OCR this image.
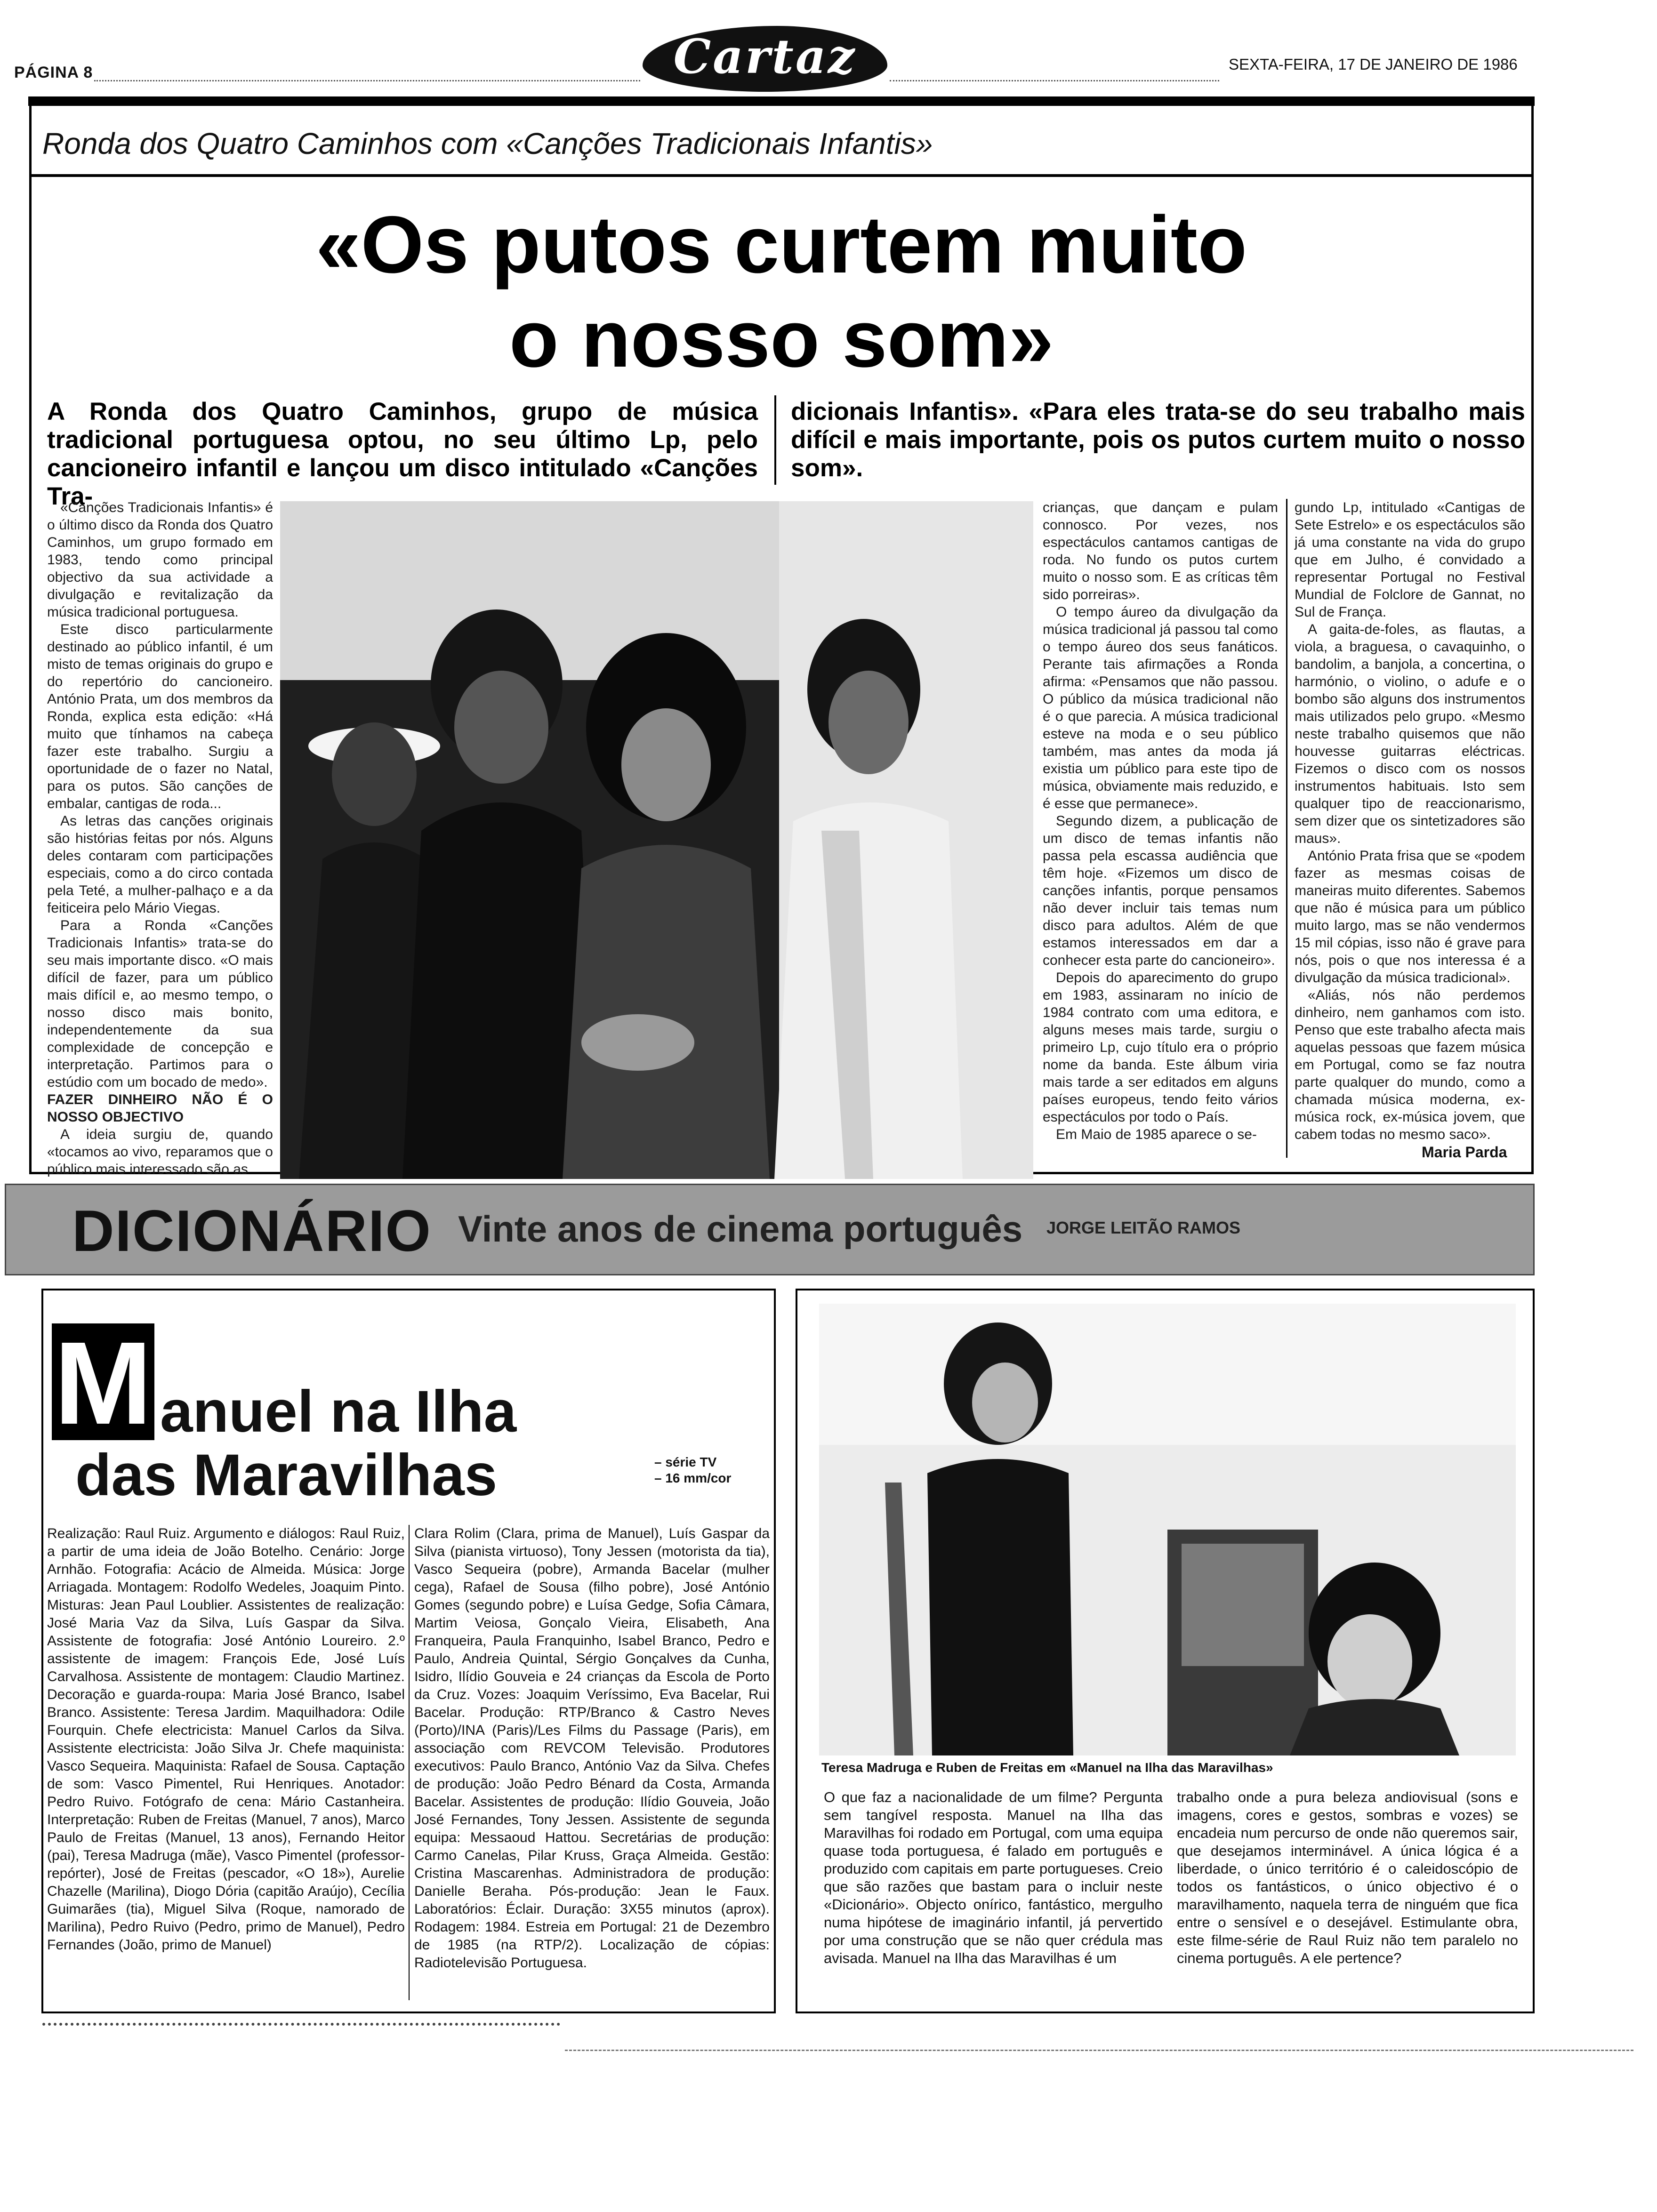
PÁGINA 8	Cartaz	SEXTA-FEIRA, 17 DE JANEIRO DE 1986
Ronda dos Quatro Caminhos com «Canções Tradicionais Infantis»
«Os putos curtem muito
o nosso som»
A Ronda dos Quatro Caminhos, grupo de música tradicional portuguesa optou, no seu último Lp, pelo cancioneiro infantil e lançou um disco intitulado «Canções Tra-
dicionais Infantis». «Para eles trata-se do seu trabalho mais difícil e mais importante, pois os putos curtem muito o nosso som».

«Canções Tradicionais Infantis» é o último disco da Ronda dos Quatro Caminhos, um grupo formado em 1983, tendo como principal objectivo da sua actividade a divulgação e revitalização da música tradicional portuguesa.

Este disco particularmente destinado ao público infantil, é um misto de temas originais do grupo e do repertório do cancioneiro. António Prata, um dos membros da Ronda, explica esta edição: «Há muito que tínhamos na cabeça fazer este trabalho. Surgiu a oportunidade de o fazer no Natal, para os putos. São canções de embalar, cantigas de roda...

As letras das canções originais são histórias feitas por nós. Alguns deles contaram com participações especiais, como a do circo contada pela Teté, a mulher-palhaço e a da feiticeira pelo Mário Viegas.

Para a Ronda «Canções Tradicionais Infantis» trata-se do seu mais importante disco. «O mais difícil de fazer, para um público mais difícil e, ao mesmo tempo, o nosso disco mais bonito, independentemente da sua complexidade de concepção e interpretação. Partimos para o estúdio com um bocado de medo».

FAZER DINHEIRO NÃO É O NOSSO OBJECTIVO

A ideia surgiu de, quando «tocamos ao vivo, reparamos que o público mais interessado são as

crianças, que dançam e pulam connosco. Por vezes, nos espectáculos cantamos cantigas de roda. No fundo os putos curtem muito o nosso som. E as críticas têm sido porreiras».

O tempo áureo da divulgação da música tradicional já passou tal como o tempo áureo dos seus fanáticos. Perante tais afirmações a Ronda afirma: «Pensamos que não passou. O público da música tradicional não é o que parecia. A música tradicional esteve na moda e o seu público também, mas antes da moda já existia um público para este tipo de música, obviamente mais reduzido, e é esse que permanece».

Segundo dizem, a publicação de um disco de temas infantis não passa pela escassa audiência que têm hoje. «Fizemos um disco de canções infantis, porque pensamos não dever incluir tais temas num disco para adultos. Além de que estamos interessados em dar a conhecer esta parte do cancioneiro».

Depois do aparecimento do grupo em 1983, assinaram no início de 1984 contrato com uma editora, e alguns meses mais tarde, surgiu o primeiro Lp, cujo título era o próprio nome da banda. Este álbum viria mais tarde a ser editados em alguns países europeus, tendo feito vários espectáculos por todo o País.

Em Maio de 1985 aparece o se-

gundo Lp, intitulado «Cantigas de Sete Estrelo» e os espectáculos são já uma constante na vida do grupo que em Julho, é convidado a representar Portugal no Festival Mundial de Folclore de Gannat, no Sul de França.

A gaita-de-foles, as flautas, a viola, a braguesa, o cavaquinho, o bandolim, a banjola, a concertina, o harmónio, o violino, o adufe e o bombo são alguns dos instrumentos mais utilizados pelo grupo. «Mesmo neste trabalho quisemos que não houvesse guitarras eléctricas. Fizemos o disco com os nossos instrumentos habituais. Isto sem qualquer tipo de reaccionarismo, sem dizer que os sintetizadores são maus».

António Prata frisa que se «podem fazer as mesmas coisas de maneiras muito diferentes. Sabemos que não é música para um público muito largo, mas se não vendermos 15 mil cópias, isso não é grave para nós, pois o que nos interessa é a divulgação da música tradicional».

«Aliás, nós não perdemos dinheiro, nem ganhamos com isto. Penso que este trabalho afecta mais aquelas pessoas que fazem música em Portugal, como se faz noutra parte qualquer do mundo, como a chamada música moderna, ex-música rock, ex-música jovem, que cabem todas no mesmo saco».

Maria Parda
DICIONÁRIO Vinte anos de cinema português JORGE LEITÃO RAMOS
M anuel na Ilha
das Maravilhas	– série TV
– 16 mm/cor
Realização: Raul Ruiz. Argumento e diálogos: Raul Ruiz, a partir de uma ideia de João Botelho. Cenário: Jorge Arnhão. Fotografia: Acácio de Almeida. Música: Jorge Arriagada. Montagem: Rodolfo Wedeles, Joaquim Pinto. Misturas: Jean Paul Loublier. Assistentes de realização: José Maria Vaz da Silva, Luís Gaspar da Silva. Assistente de fotografia: José António Loureiro. 2.º assistente de imagem: François Ede, José Luís Carvalhosa. Assistente de montagem: Claudio Martinez. Decoração e guarda-roupa: Maria José Branco, Isabel Branco. Assistente: Teresa Jardim. Maquilhadora: Odile Fourquin. Chefe electricista: Manuel Carlos da Silva. Assistente electricista: João Silva Jr. Chefe maquinista: Vasco Sequeira. Maquinista: Rafael de Sousa. Captação de som: Vasco Pimentel, Rui Henriques. Anotador: Pedro Ruivo. Fotógrafo de cena: Mário Castanheira. Interpretação: Ruben de Freitas (Manuel, 7 anos), Marco Paulo de Freitas (Manuel, 13 anos), Fernando Heitor (pai), Teresa Madruga (mãe), Vasco Pimentel (professor-repórter), José de Freitas (pescador, «O 18»), Aurelie Chazelle (Marilina), Diogo Dória (capitão Araújo), Cecília Guimarães (tia), Miguel Silva (Roque, namorado de Marilina), Pedro Ruivo (Pedro, primo de Manuel), Pedro Fernandes (João, primo de Manuel)
Clara Rolim (Clara, prima de Manuel), Luís Gaspar da Silva (pianista virtuoso), Tony Jessen (motorista da tia), Vasco Sequeira (pobre), Armanda Bacelar (mulher cega), Rafael de Sousa (filho pobre), José António Gomes (segundo pobre) e Luísa Gedge, Sofia Câmara, Martim Veiosa, Gonçalo Vieira, Elisabeth, Ana Franqueira, Paula Franquinho, Isabel Branco, Pedro e Paulo, Andreia Quintal, Sérgio Gonçalves da Cunha, Isidro, Ilídio Gouveia e 24 crianças da Escola de Porto da Cruz. Vozes: Joaquim Veríssimo, Eva Bacelar, Rui Bacelar. Produção: RTP/Branco & Castro Neves (Porto)/INA (Paris)/Les Films du Passage (Paris), em associação com REVCOM Televisão. Produtores executivos: Paulo Branco, António Vaz da Silva. Chefes de produção: João Pedro Bénard da Costa, Armanda Bacelar. Assistentes de produção: Ilídio Gouveia, João José Fernandes, Tony Jessen. Assistente de segunda equipa: Messaoud Hattou. Secretárias de produção: Carmo Canelas, Pilar Kruss, Graça Almeida. Gestão: Cristina Mascarenhas. Administradora de produção: Danielle Beraha. Pós-produção: Jean le Faux. Laboratórios: Éclair. Duração: 3X55 minutos (aprox). Rodagem: 1984. Estreia em Portugal: 21 de Dezembro de 1985 (na RTP/2). Localização de cópias: Radiotelevisão Portuguesa.
Teresa Madruga e Ruben de Freitas em «Manuel na Ilha das Maravilhas»
O que faz a nacionalidade de um filme? Pergunta sem tangível resposta. Manuel na Ilha das Maravilhas foi rodado em Portugal, com uma equipa quase toda portuguesa, é falado em português e produzido com capitais em parte portugueses. Creio que são razões que bastam para o incluir neste «Dicionário». Objecto onírico, fantástico, mergulho numa hipótese de imaginário infantil, já pervertido por uma construção que se não quer crédula mas avisada. Manuel na Ilha das Maravilhas é um
trabalho onde a pura beleza andiovisual (sons e imagens, cores e gestos, sombras e vozes) se encadeia num percurso de onde não queremos sair, que desejamos interminável. A única lógica é a liberdade, o único território é o caleidoscópio de todos os fantásticos, o único objectivo é o maravilhamento, naquela terra de ninguém que fica entre o sensível e o desejável. Estimulante obra, este filme-série de Raul Ruiz não tem paralelo no cinema português. A ele pertence?
